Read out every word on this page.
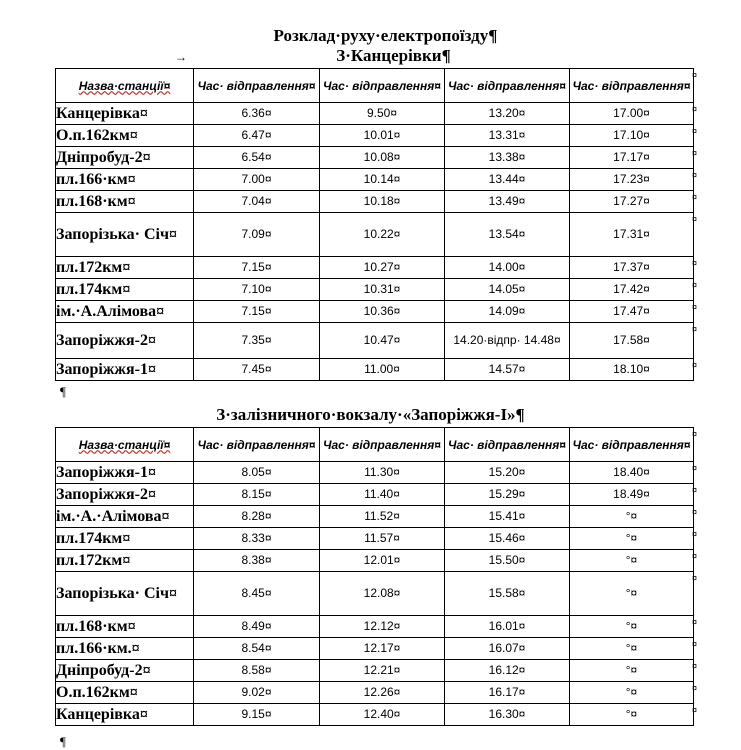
Розклад·руху·електропоїзду¶
→	З·Канцерівки¶
Назва·станції¤	Час· відправлення¤	Час· відправлення¤	Час· відправлення¤	Час· відправлення¤
Канцерівка¤	6.36¤	9.50¤	13.20¤	17.00¤
О.п.162км¤	6.47¤	10.01¤	13.31¤	17.10¤
Дніпробуд-2¤	6.54¤	10.08¤	13.38¤	17.17¤
пл.166·км¤	7.00¤	10.14¤	13.44¤	17.23¤
пл.168·км¤	7.04¤	10.18¤	13.49¤	17.27¤
Запорізька· Січ¤	7.09¤	10.22¤	13.54¤	17.31¤
пл.172км¤	7.15¤	10.27¤	14.00¤	17.37¤
пл.174км¤	7.10¤	10.31¤	14.05¤	17.42¤
ім.·А.Алімова¤	7.15¤	10.36¤	14.09¤	17.47¤
Запоріжжя-2¤	7.35¤	10.47¤	14.20·відпр· 14.48¤	17.58¤
Запоріжжя-1¤	7.45¤	11.00¤	14.57¤	18.10¤
¶
З·залізничного·вокзалу·«Запоріжжя-І»¶
Назва·станції¤	Час· відправлення¤	Час· відправлення¤	Час· відправлення¤	Час· відправлення¤
Запоріжжя-1¤	8.05¤	11.30¤	15.20¤	18.40¤
Запоріжжя-2¤	8.15¤	11.40¤	15.29¤	18.49¤
ім.·А.·Алімова¤	8.28¤	11.52¤	15.41¤	°¤
пл.174км¤	8.33¤	11.57¤	15.46¤	°¤
пл.172км¤	8.38¤	12.01¤	15.50¤	°¤
Запорізька· Січ¤	8.45¤	12.08¤	15.58¤	°¤
пл.168·км¤	8.49¤	12.12¤	16.01¤	°¤
пл.166·км.¤	8.54¤	12.17¤	16.07¤	°¤
Дніпробуд-2¤	8.58¤	12.21¤	16.12¤	°¤
О.п.162км¤	9.02¤	12.26¤	16.17¤	°¤
Канцерівка¤	9.15¤	12.40¤	16.30¤	°¤
¶
¤
¤
¤
¤
¤
¤
¤
¤
¤
¤
¤
¤
¤
¤
¤
¤
¤
¤
¤
¤
¤
¤
¤
¤
